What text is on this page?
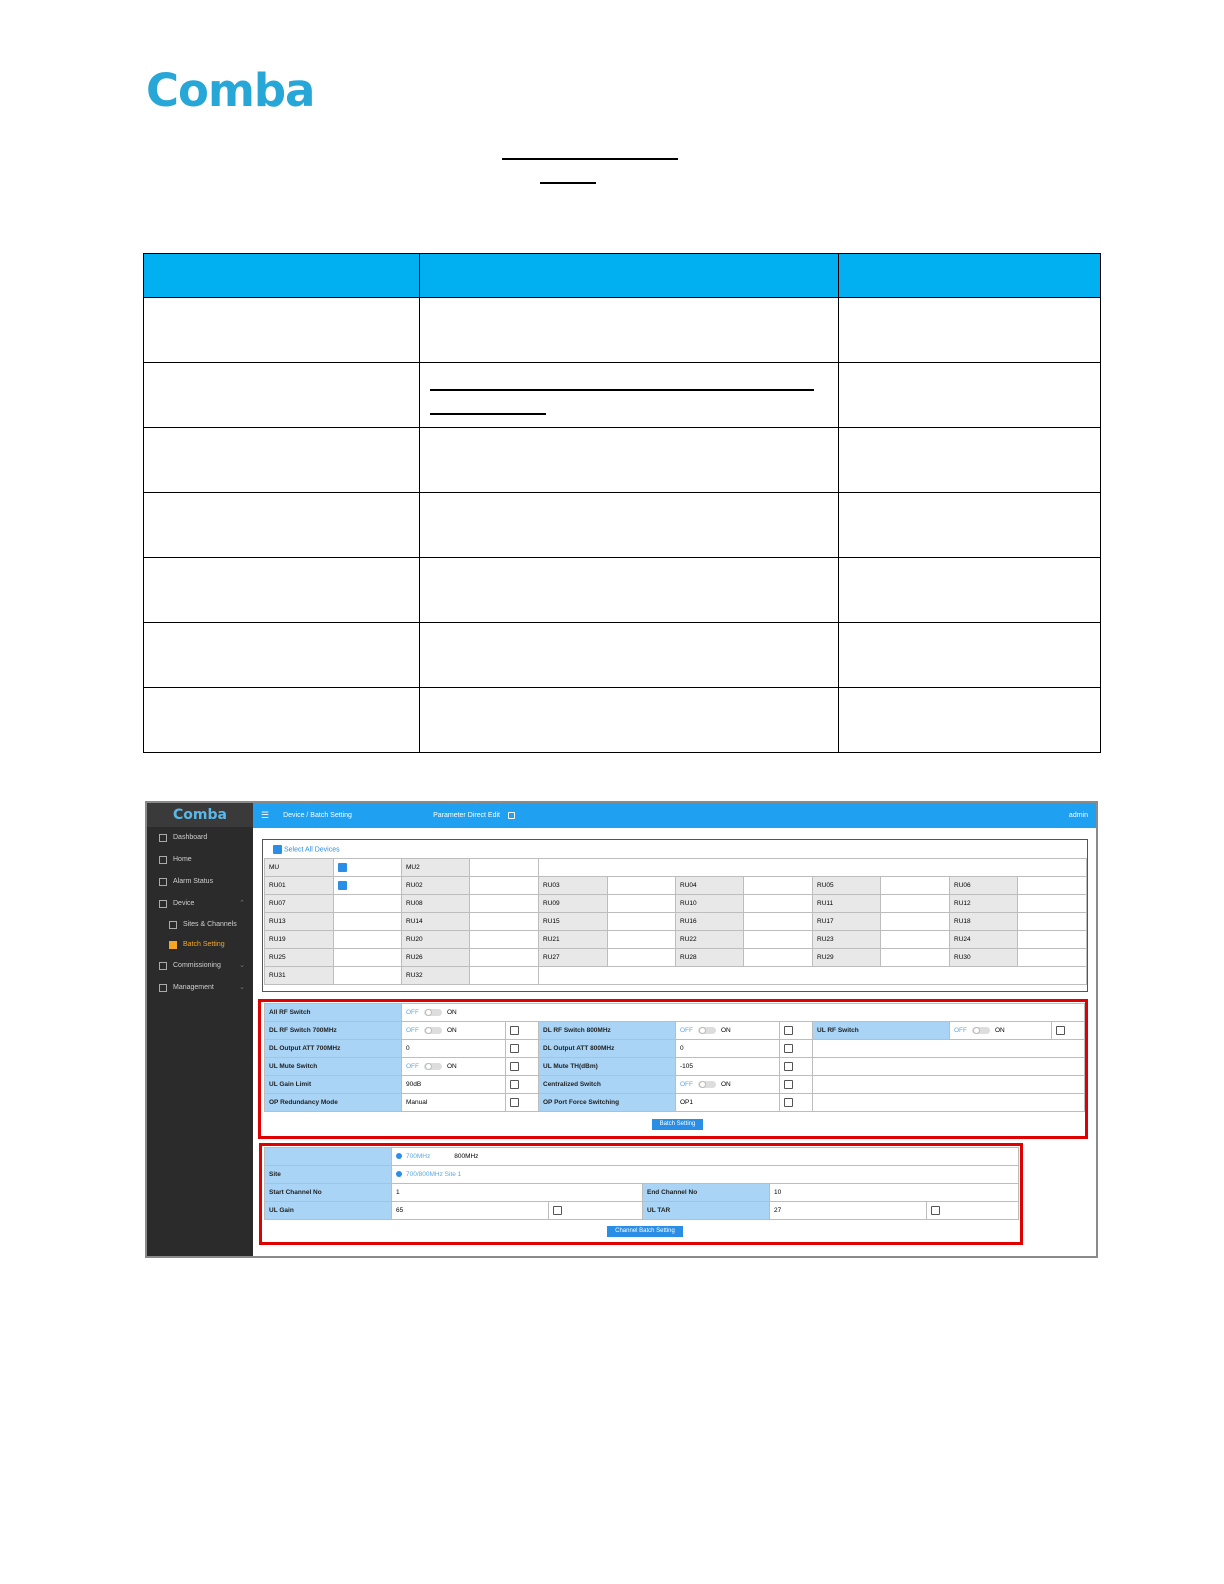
Comba

Comba
Dashboard
Home
Alarm Status
Device	⌃
Sites & Channels
Batch Setting
Commissioning	⌄
Management	⌄
☰ Device / Batch Setting	Parameter Direct Edit	admin
Select All Devices
MU		MU2									
RU01		RU02		RU03		RU04		RU05		RU06	
RU07		RU08		RU09		RU10		RU11		RU12	
RU13		RU14		RU15		RU16		RU17		RU18	
RU19		RU20		RU21		RU22		RU23		RU24	
RU25		RU26		RU27		RU28		RU29		RU30	
RU31		RU32									
All RF Switch	OFF ON							
DL RF Switch 700MHz	OFF ON		DL RF Switch 800MHz	OFF ON		UL RF Switch	OFF ON	
DL Output ATT 700MHz	0		DL Output ATT 800MHz	0				
UL Mute Switch	OFF ON		UL Mute TH(dBm)	-105				
UL Gain Limit	90dB		Centralized Switch	OFF ON				
OP Redundancy Mode	Manual		OP Port Force Switching	OP1				
Batch Setting
	700MHz 800MHz				
Site	700/800MHz Site 1				
Start Channel No	1		End Channel No	10	
UL Gain	65		UL TAR	27	
Channel Batch Setting
